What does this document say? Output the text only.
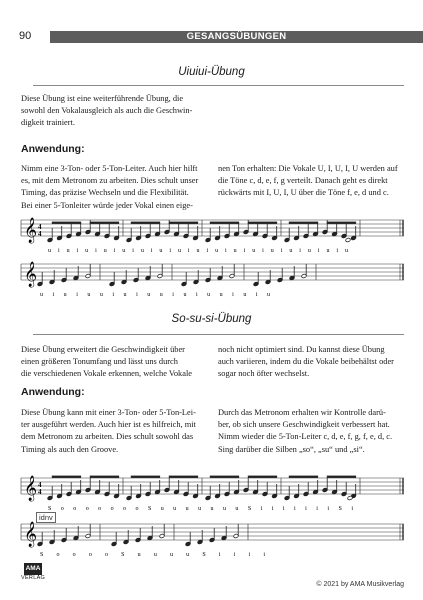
90	GESANGSÜBUNGEN
Uiuiui-Übung
Diese Übung ist eine weiterführende Übung, die
sowohl den Vokalausgleich als auch die Geschwin-
digkeit trainiert.
Anwendung:
Nimm eine 3-Ton- oder 5-Ton-Leiter. Auch hier hilft
es, mit dem Metronom zu arbeiten. Dies schult unser
Timing, das präzise Wechseln und die Flexibilität.
Bei einer 5-Tonleiter würde jeder Vokal einen eige-
nen Ton erhalten: Die Vokale U, I, U, I, U werden auf
die Töne c, d, e, f, g verteilt. Danach geht es direkt
rückwärts mit I, U, I, U über die Töne f, e, d und c.
𝄞 4
4
u i u i u i u i u i u i u i u i u i u i u i u i u i u i u i u i u
𝄞
u i u i u u i u i u u i u i u u i u i u
So-su-si-Übung
Diese Übung erweitert die Geschwindigkeit über
einen größeren Tonumfang und lässt uns durch
die verschiedenen Vokale erkennen, welche Vokale
noch nicht optimiert sind. Du kannst diese Übung
auch variieren, indem du die Vokale beibehältst oder
sogar noch öfter wechselst.
Anwendung:
Diese Übung kann mit einer 3-Ton- oder 5-Ton-Lei-
ter ausgeführt werden. Auch hier ist es hilfreich, mit
dem Metronom zu arbeiten. Dies schult sowohl das
Timing als auch den Groove.
Durch das Metronom erhalten wir Kontrolle darü-
ber, ob sich unsere Geschwindigkeit verbessert hat.
Nimm wieder die 5-Ton-Leiter c, d, e, f, g, f, e, d, c.
Sing darüber die Silben „so“, „su“ und „si“.
𝄞 4
4
S o o o o o o o S u u u u u u u S i i i i i i i S i
idnv
𝄞
S o o o o S u u u u S i i i i
AMA
VERLAG
© 2021 by AMA Musikverlag
